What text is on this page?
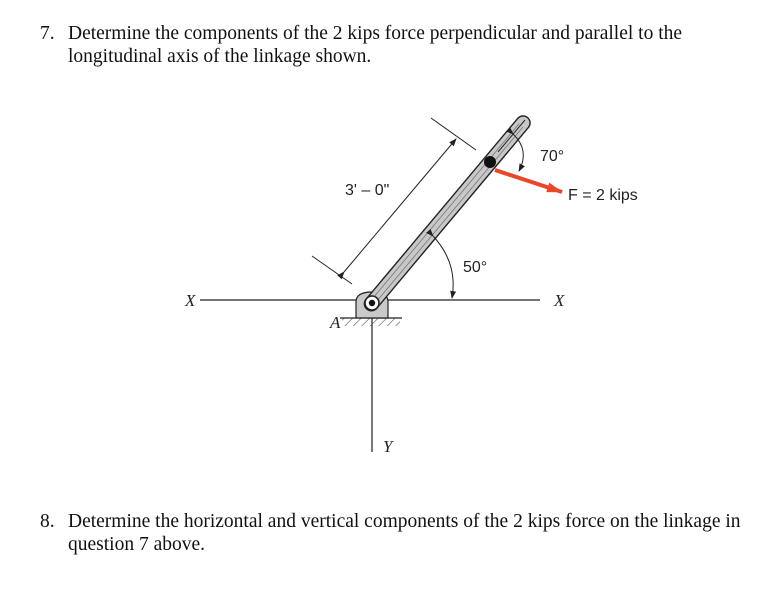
7. Determine the components of the 2 kips force perpendicular and parallel to the
longitudinal axis of the linkage shown.
X	X
Y
A
3' – 0"
70°
F = 2 kips
50°
8. Determine the horizontal and vertical components of the 2 kips force on the linkage in
question 7 above.
